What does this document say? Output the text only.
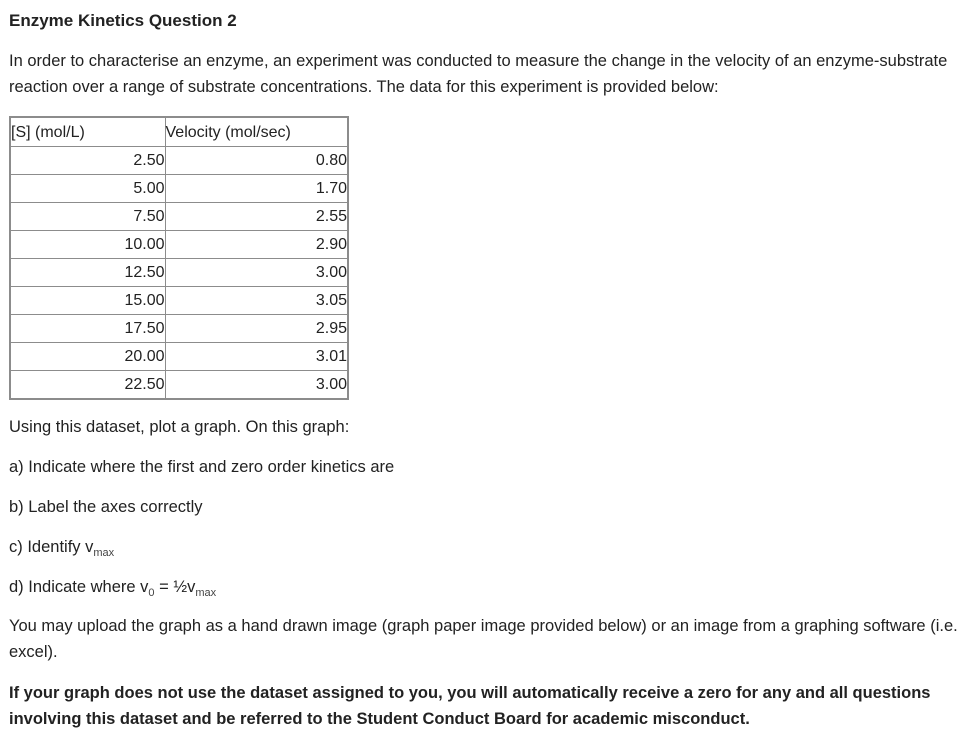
Enzyme Kinetics Question 2

In order to characterise an enzyme, an experiment was conducted to measure the change in the velocity of an enzyme-substrate reaction over a range of substrate concentrations. The data for this experiment is provided below:

[S] (mol/L)	Velocity (mol/sec)
2.50	0.80
5.00	1.70
7.50	2.55
10.00	2.90
12.50	3.00
15.00	3.05
17.50	2.95
20.00	3.01
22.50	3.00

Using this dataset, plot a graph. On this graph:

a) Indicate where the first and zero order kinetics are

b) Label the axes correctly

c) Identify $v_{max}$

d) Indicate where $v_0$ = $\frac{1}{2}v_{max}$

You may upload the graph as a hand drawn image (graph paper image provided below) or an image from a graphing software (i.e. excel).

If your graph does not use the dataset assigned to you, you will automatically receive a zero for any and all questions involving this dataset and be referred to the Student Conduct Board for academic misconduct.
